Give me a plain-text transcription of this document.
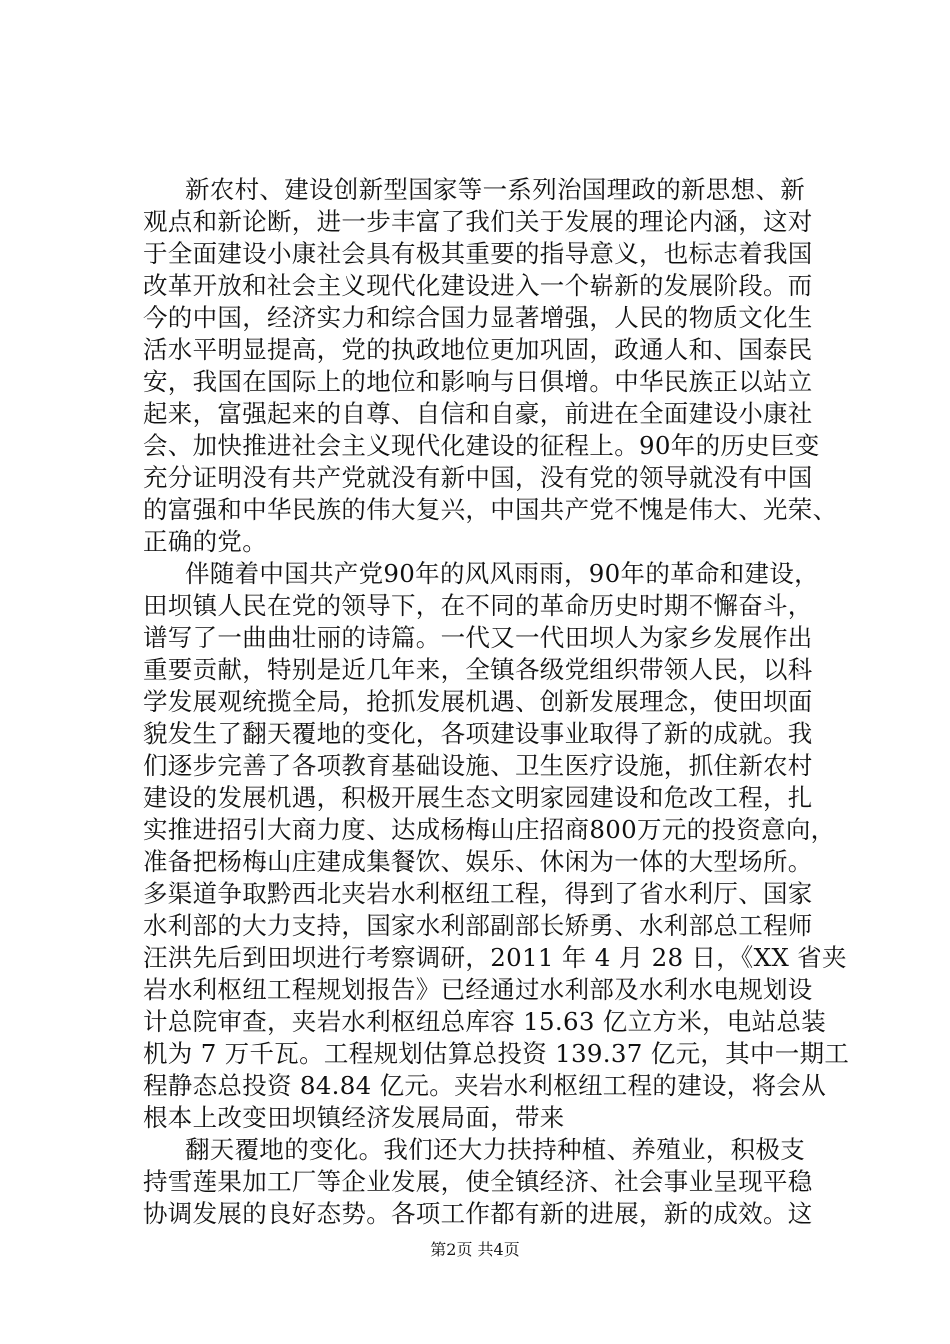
新农村、建设创新型国家等一系列治国理政的新思想、新
观点和新论断，进一步丰富了我们关于发展的理论内涵，这对
于全面建设小康社会具有极其重要的指导意义，也标志着我国
改革开放和社会主义现代化建设进入一个崭新的发展阶段。而
今的中国，经济实力和综合国力显著增强，人民的物质文化生
活水平明显提高，党的执政地位更加巩固，政通人和、国泰民
安，我国在国际上的地位和影响与日俱增。中华民族正以站立
起来，富强起来的自尊、自信和自豪，前进在全面建设小康社
会、加快推进社会主义现代化建设的征程上。90年的历史巨变
充分证明没有共产党就没有新中国，没有党的领导就没有中国
的富强和中华民族的伟大复兴，中国共产党不愧是伟大、光荣、
正确的党。
伴随着中国共产党90年的风风雨雨，90年的革命和建设，
田坝镇人民在党的领导下，在不同的革命历史时期不懈奋斗，
谱写了一曲曲壮丽的诗篇。一代又一代田坝人为家乡发展作出
重要贡献，特别是近几年来，全镇各级党组织带领人民，以科
学发展观统揽全局，抢抓发展机遇、创新发展理念，使田坝面
貌发生了翻天覆地的变化，各项建设事业取得了新的成就。我
们逐步完善了各项教育基础设施、卫生医疗设施，抓住新农村
建设的发展机遇，积极开展生态文明家园建设和危改工程，扎
实推进招引大商力度、达成杨梅山庄招商800万元的投资意向，
准备把杨梅山庄建成集餐饮、娱乐、休闲为一体的大型场所。
多渠道争取黔西北夹岩水利枢纽工程，得到了省水利厅、国家
水利部的大力支持，国家水利部副部长矫勇、水利部总工程师
汪洪先后到田坝进行考察调研，2011 年 4 月 28 日，《XX 省夹
岩水利枢纽工程规划报告》已经通过水利部及水利水电规划设
计总院审查，夹岩水利枢纽总库容 15.63 亿立方米，电站总装
机为 7 万千瓦。工程规划估算总投资 139.37 亿元，其中一期工
程静态总投资 84.84 亿元。夹岩水利枢纽工程的建设，将会从
根本上改变田坝镇经济发展局面，带来
翻天覆地的变化。我们还大力扶持种植、养殖业，积极支
持雪莲果加工厂等企业发展，使全镇经济、社会事业呈现平稳
协调发展的良好态势。各项工作都有新的进展，新的成效。这
第2页 共4页
